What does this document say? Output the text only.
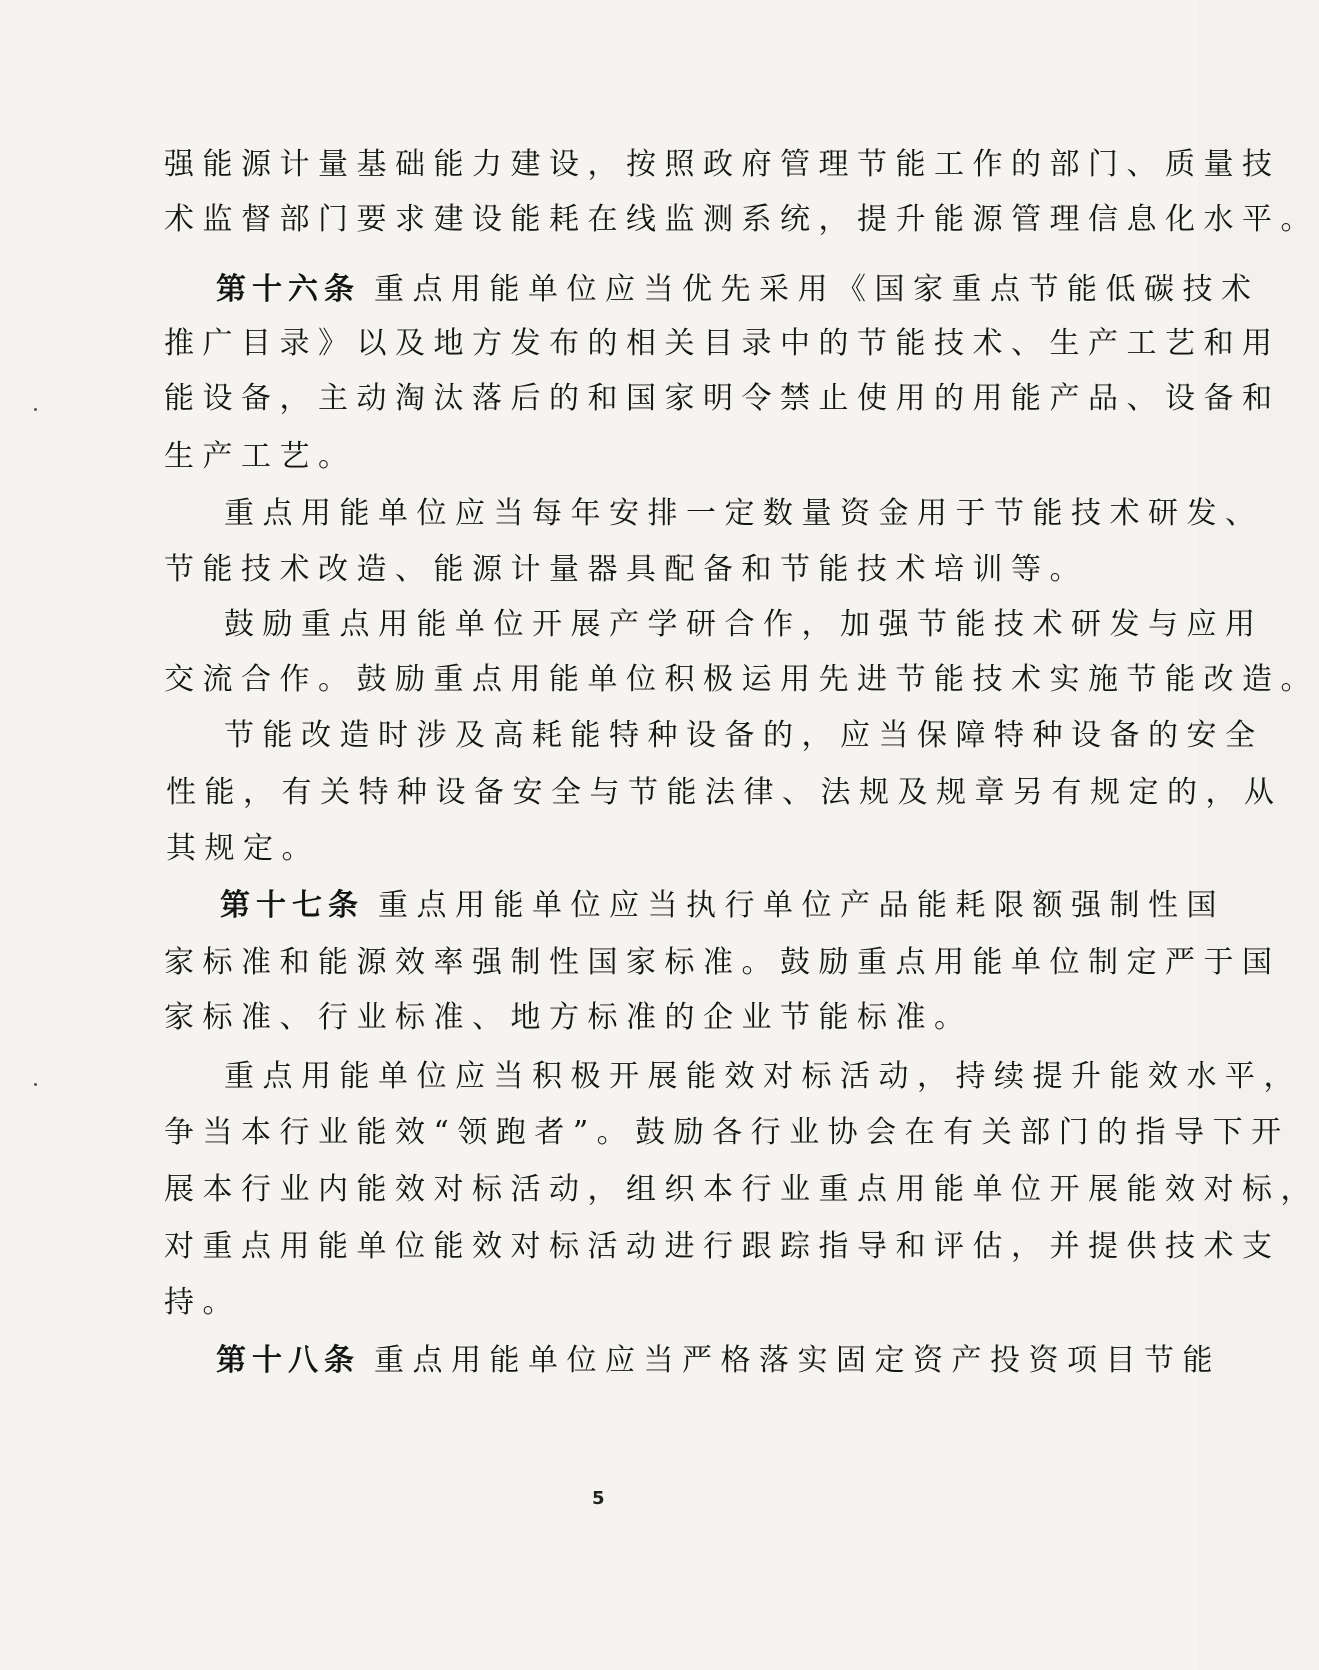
强能源计量基础能力建设，按照政府管理节能工作的部门、质量技
术监督部门要求建设能耗在线监测系统，提升能源管理信息化水平。
第十六条 重点用能单位应当优先采用《国家重点节能低碳技术
推广目录》以及地方发布的相关目录中的节能技术、生产工艺和用
能设备，主动淘汰落后的和国家明令禁止使用的用能产品、设备和
生产工艺。
重点用能单位应当每年安排一定数量资金用于节能技术研发、
节能技术改造、能源计量器具配备和节能技术培训等。
鼓励重点用能单位开展产学研合作，加强节能技术研发与应用
交流合作。鼓励重点用能单位积极运用先进节能技术实施节能改造。
节能改造时涉及高耗能特种设备的，应当保障特种设备的安全
性能，有关特种设备安全与节能法律、法规及规章另有规定的，从
其规定。
第十七条 重点用能单位应当执行单位产品能耗限额强制性国
家标准和能源效率强制性国家标准。鼓励重点用能单位制定严于国
家标准、行业标准、地方标准的企业节能标准。
重点用能单位应当积极开展能效对标活动，持续提升能效水平，
争当本行业能效“领跑者”。鼓励各行业协会在有关部门的指导下开
展本行业内能效对标活动，组织本行业重点用能单位开展能效对标，
对重点用能单位能效对标活动进行跟踪指导和评估，并提供技术支
持。
第十八条 重点用能单位应当严格落实固定资产投资项目节能
5
